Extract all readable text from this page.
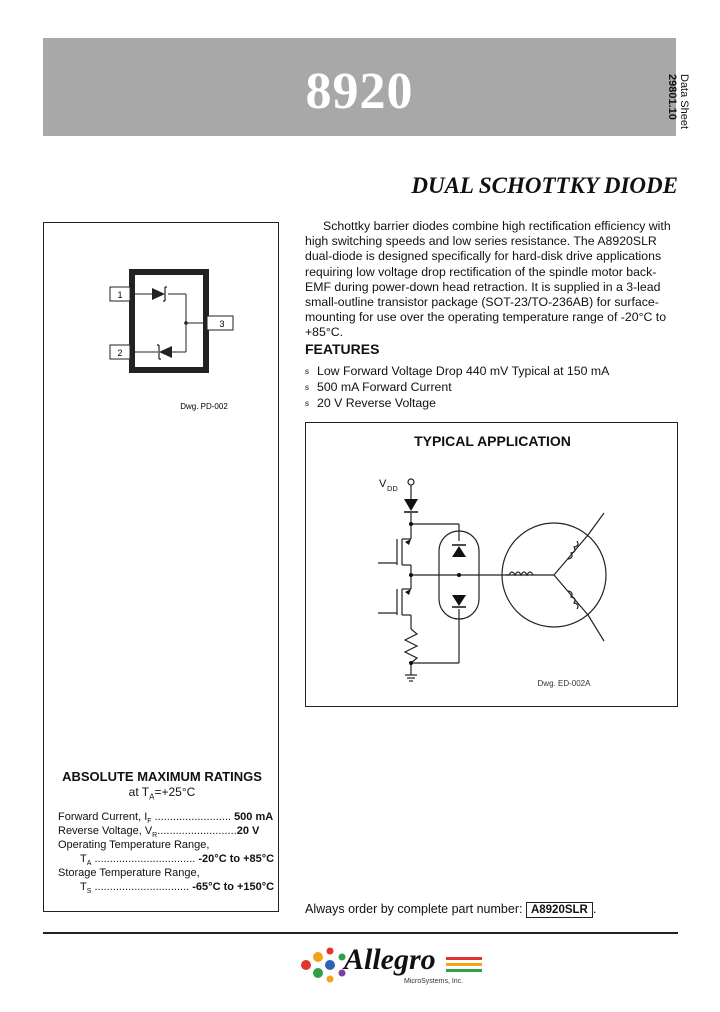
8920	Data Sheet
29801.10
DUAL SCHOTTKY DIODE
1
2
3
Dwg. PD-002
ABSOLUTE MAXIMUM RATINGS
at $T_A=+25^\circ C$
Forward Current, $I_F$ ......................... 500 mA
Reverse Voltage, $V_R..........................20$ V
Operating Temperature Range,
$T_A$ ................................. -20°C to +85°C
Storage Temperature Range,
$T_S$ ............................... -65°C to +150°C

Schottky barrier diodes combine high rectification efficiency with high switching speeds and low series resistance. The A8920SLR dual-diode is designed specifically for hard-disk drive applications requiring low voltage drop rectification of the spindle motor back-EMF during power-down head retraction. It is supplied in a 3-lead small-outline transistor package (SOT-23/TO-236AB) for surface-mounting for use over the operating temperature range of -20°C to +85°C.

FEATURES
s Low Forward Voltage Drop 440 mV Typical at 150 mA
s 500 mA Forward Current
s 20 V Reverse Voltage
TYPICAL APPLICATION
V DD
Dwg. ED-002A
Always order by complete part number: A8920SLR .
Allegro
MicroSystems, Inc.
